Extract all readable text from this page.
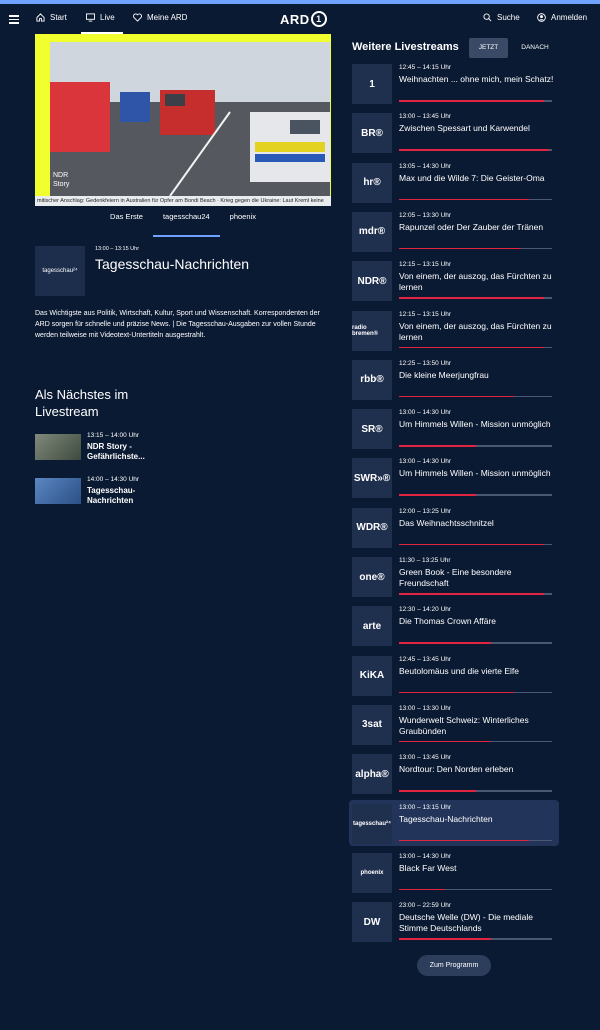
Start	Live	Meine ARD	ARD 1	Suche	Anmelden
NDR
Story
mitischer Anschlag: Gedenkfeiern in Australien für Opfer am Bondi Beach · Krieg gegen die Ukraine: Laut Kreml keine
Das Erste	tagesschau24	phoenix
tagesschau²⁴
13:00 – 13:15 Uhr
Tagesschau-Nachrichten
Das Wichtigste aus Politik, Wirtschaft, Kultur, Sport und Wissenschaft. Korrespondenten der ARD sorgen für schnelle und präzise News. | Die Tagesschau-Ausgaben zur vollen Stunde werden teilweise mit Videotext-Untertiteln ausgestrahlt.
Als Nächstes im Livestream
13:15 – 14:00 Uhr
NDR Story - Gefährlichste...
14:00 – 14:30 Uhr
Tagesschau-Nachrichten
Weitere Livestreams	JETZT	DANACH
1
12:45 – 14:15 Uhr
Weihnachten ... ohne mich, mein Schatz!
BR®
13:00 – 13:45 Uhr
Zwischen Spessart und Karwendel
hr®
13:05 – 14:30 Uhr
Max und die Wilde 7: Die Geister-Oma
mdr®
12:05 – 13:30 Uhr
Rapunzel oder Der Zauber der Tränen
NDR®
12:15 – 13:15 Uhr
Von einem, der auszog, das Fürchten zu lernen
radio bremen®
12:15 – 13:15 Uhr
Von einem, der auszog, das Fürchten zu lernen
rbb®
12:25 – 13:50 Uhr
Die kleine Meerjungfrau
SR®
13:00 – 14:30 Uhr
Um Himmels Willen - Mission unmöglich
SWR»®
13:00 – 14:30 Uhr
Um Himmels Willen - Mission unmöglich
WDR®
12:00 – 13:25 Uhr
Das Weihnachtsschnitzel
one®
11:30 – 13:25 Uhr
Green Book - Eine besondere Freundschaft
arte
12:30 – 14:20 Uhr
Die Thomas Crown Affäre
KiKA
12:45 – 13:45 Uhr
Beutolomäus und die vierte Elfe
3sat
13:00 – 13:30 Uhr
Wunderwelt Schweiz: Winterliches Graubünden
alpha®
13:00 – 13:45 Uhr
Nordtour: Den Norden erleben
tagesschau²⁴
13:00 – 13:15 Uhr
Tagesschau-Nachrichten
phoenix
13:00 – 14:30 Uhr
Black Far West
DW
23:00 – 22:59 Uhr
Deutsche Welle (DW) - Die mediale Stimme Deutschlands
Zum Programm
